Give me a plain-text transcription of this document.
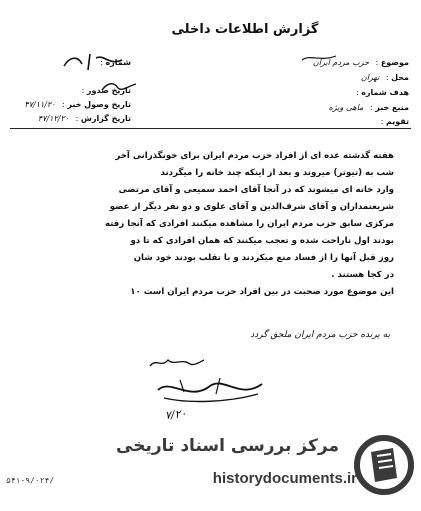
گزارش اطلاعات داخلی
موضوع : حزب مردم ایران
محل : تهران
هدف شماره :
منبع خبر : ماهی ویژه
تقویم :
شماره :
تاریخ صدور :
تاریخ وصول خبر : ۴۷/۱۱/۲۰
تاریخ گزارش : ۴۷/۱۲/۲۰

هفته گذشته عده ای از افراد حزب مردم ایران برای خونگذرانی آخر

شب به (تیوتر) میروند و بعد از اینکه چند خانه را میگردند

وارد خانه ای میشوند که در آنجا آقای احمد سمیعی و آقای مرتضی

شریعتمداران و آقای شرف‌الدین و آقای علوی و دو نفر دیگر از عضو

مرکزی سابق حزب مردم ایران را مشاهده میکنند افرادی که آنجا رفته

بودند اول ناراحت شده و تعجب میکنند که همان افرادی که تا دو

روز قبل آنها را از فساد منع میکردند و با تقلب بودند خود شان

در کجا هستند .

این موضوع مورد صحبت در بین افراد حزب مردم ایران است ۱۰

به یرنده حزب مردم ایران ملحق گردد
۷/۲۰
۵۴۱-۹/۰۲۴/
مرکز بررسی اسناد تاریخی
historydocuments.ir
